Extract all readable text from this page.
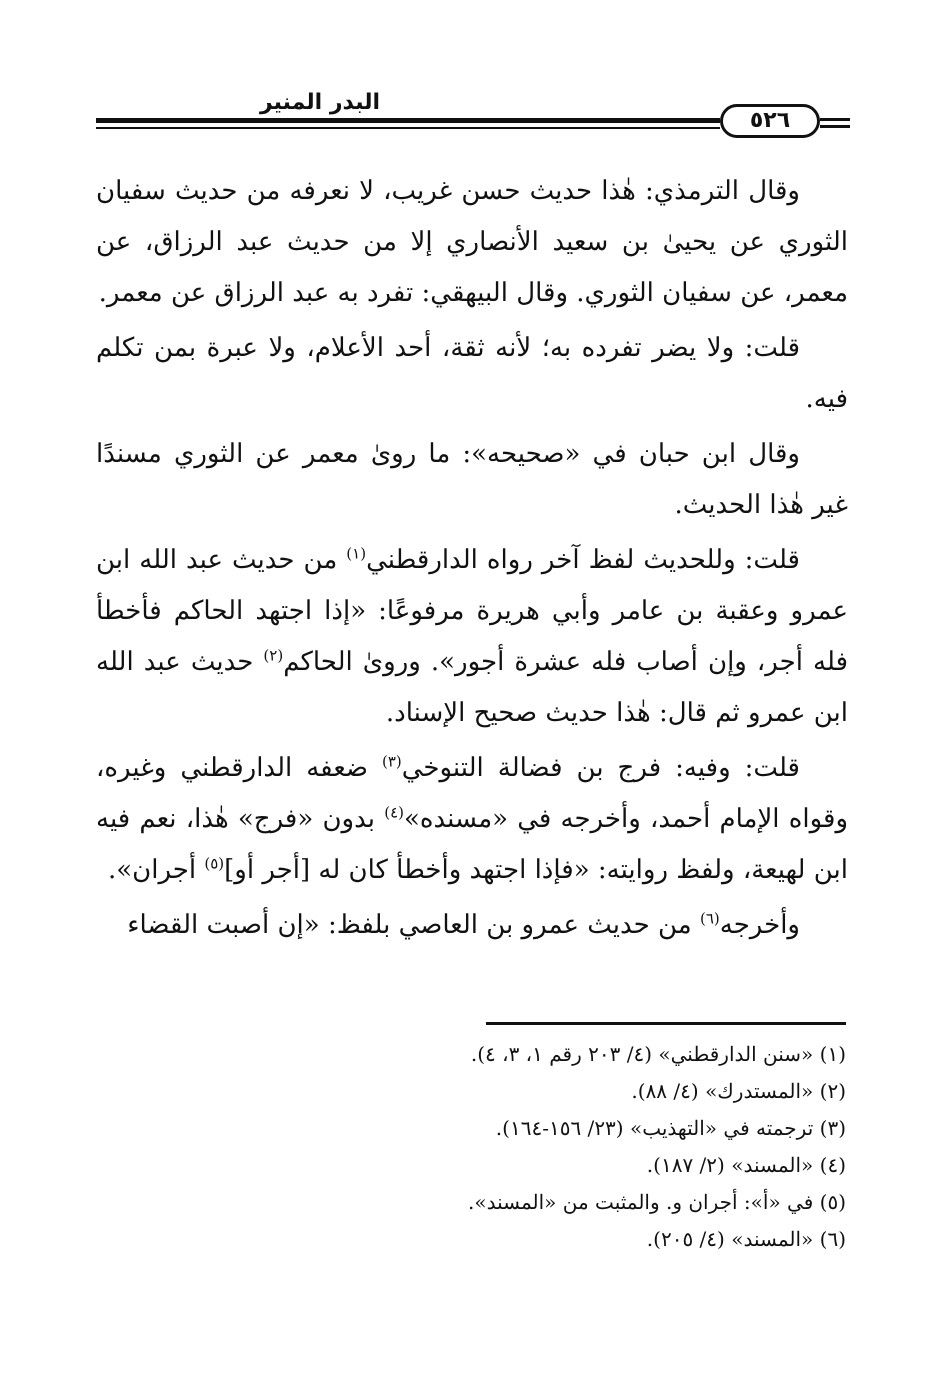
البدر المنير
٥٢٦

وقال الترمذي: هٰذا حديث حسن غريب، لا نعرفه من حديث سفيان الثوري عن يحيىٰ بن سعيد الأنصاري إلا من حديث عبد الرزاق، عن معمر، عن سفيان الثوري. وقال البيهقي: تفرد به عبد الرزاق عن معمر.

قلت: ولا يضر تفرده به؛ لأنه ثقة، أحد الأعلام، ولا عبرة بمن تكلم فيه.

وقال ابن حبان في «صحيحه»: ما روىٰ معمر عن الثوري مسندًا غير هٰذا الحديث.

قلت: وللحديث لفظ آخر رواه الدارقطني$^{(١)}$ من حديث عبد الله ابن عمرو وعقبة بن عامر وأبي هريرة مرفوعًا: «إذا اجتهد الحاكم فأخطأ فله أجر، وإن أصاب فله عشرة أجور». وروىٰ الحاكم$^{(٢)}$ حديث عبد الله ابن عمرو ثم قال: هٰذا حديث صحيح الإسناد.

قلت: وفيه: فرج بن فضالة التنوخي$^{(٣)}$ ضعفه الدارقطني وغيره، وقواه الإمام أحمد، وأخرجه في «مسنده»$^{(٤)}$ بدون «فرج» هٰذا، نعم فيه ابن لهيعة، ولفظ روايته: «فإذا اجتهد وأخطأ كان له [أجر أو]$^{(٥)}$ أجران».

وأخرجه$^{(٦)}$ من حديث عمرو بن العاصي بلفظ: «إن أصبت القضاء

(١) «سنن الدارقطني» (٤/ ٢٠٣ رقم ١، ٣، ٤).
(٢) «المستدرك» (٤/ ٨٨).
(٣) ترجمته في «التهذيب» (٢٣/ ١٥٦-١٦٤).
(٤) «المسند» (٢/ ١٨٧).
(٥) في «أ»: أجران و. والمثبت من «المسند».
(٦) «المسند» (٤/ ٢٠٥).
